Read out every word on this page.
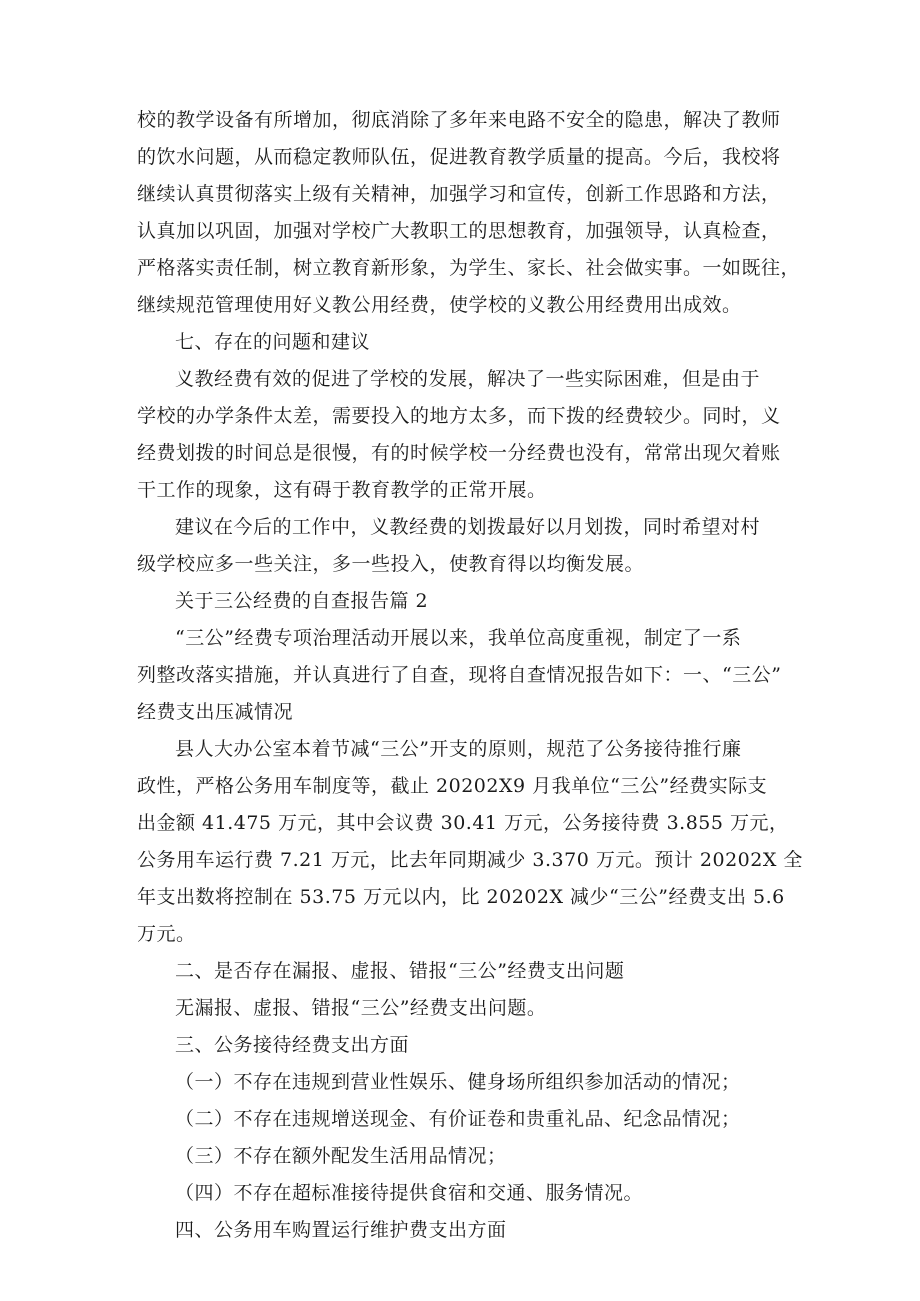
校的教学设备有所增加，彻底消除了多年来电路不安全的隐患，解决了教师
的饮水问题，从而稳定教师队伍，促进教育教学质量的提高。今后，我校将
继续认真贯彻落实上级有关精神，加强学习和宣传，创新工作思路和方法，
认真加以巩固，加强对学校广大教职工的思想教育，加强领导，认真检查，
严格落实责任制，树立教育新形象，为学生、家长、社会做实事。一如既往，
继续规范管理使用好义教公用经费，使学校的义教公用经费用出成效。
七、存在的问题和建议
义教经费有效的促进了学校的发展，解决了一些实际困难，但是由于
学校的办学条件太差，需要投入的地方太多，而下拨的经费较少。同时，义
经费划拨的时间总是很慢，有的时候学校一分经费也没有，常常出现欠着账
干工作的现象，这有碍于教育教学的正常开展。
建议在今后的工作中，义教经费的划拨最好以月划拨，同时希望对村
级学校应多一些关注，多一些投入，使教育得以均衡发展。
关于三公经费的自查报告篇 2
“三公”经费专项治理活动开展以来，我单位高度重视，制定了一系
列整改落实措施，并认真进行了自查，现将自查情况报告如下：一、“三公”
经费支出压减情况
县人大办公室本着节减“三公”开支的原则，规范了公务接待推行廉
政性，严格公务用车制度等，截止 20202X9 月我单位“三公”经费实际支
出金额 41.475 万元，其中会议费 30.41 万元，公务接待费 3.855 万元，
公务用车运行费 7.21 万元，比去年同期减少 3.370 万元。预计 20202X 全
年支出数将控制在 53.75 万元以内，比 20202X 减少“三公”经费支出 5.6
万元。
二、是否存在漏报、虚报、错报“三公”经费支出问题
无漏报、虚报、错报“三公”经费支出问题。
三、公务接待经费支出方面
（一）不存在违规到营业性娱乐、健身场所组织参加活动的情况；
（二）不存在违规增送现金、有价证卷和贵重礼品、纪念品情况；
（三）不存在额外配发生活用品情况；
（四）不存在超标准接待提供食宿和交通、服务情况。
四、公务用车购置运行维护费支出方面
